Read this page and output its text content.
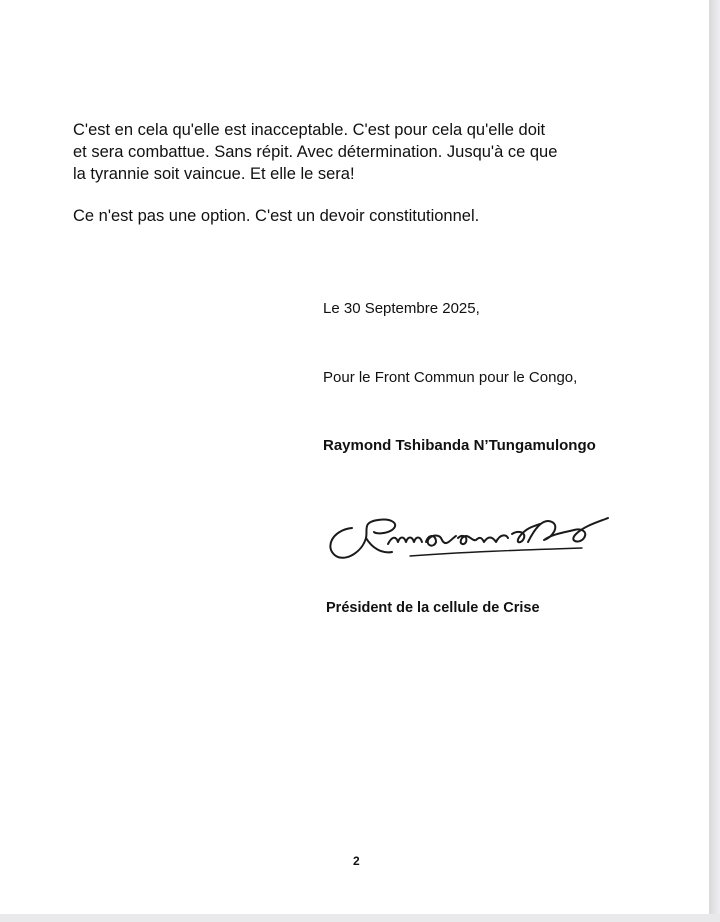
C'est en cela qu'elle est inacceptable. C'est pour cela qu'elle doit
et sera combattue. Sans répit. Avec détermination. Jusqu'à ce que
la tyrannie soit vaincue. Et elle le sera!

Ce n'est pas une option. C'est un devoir constitutionnel.

Le 30 Septembre 2025,

Pour le Front Commun pour le Congo,

Raymond Tshibanda N’Tungamulongo

Président de la cellule de Crise

2
